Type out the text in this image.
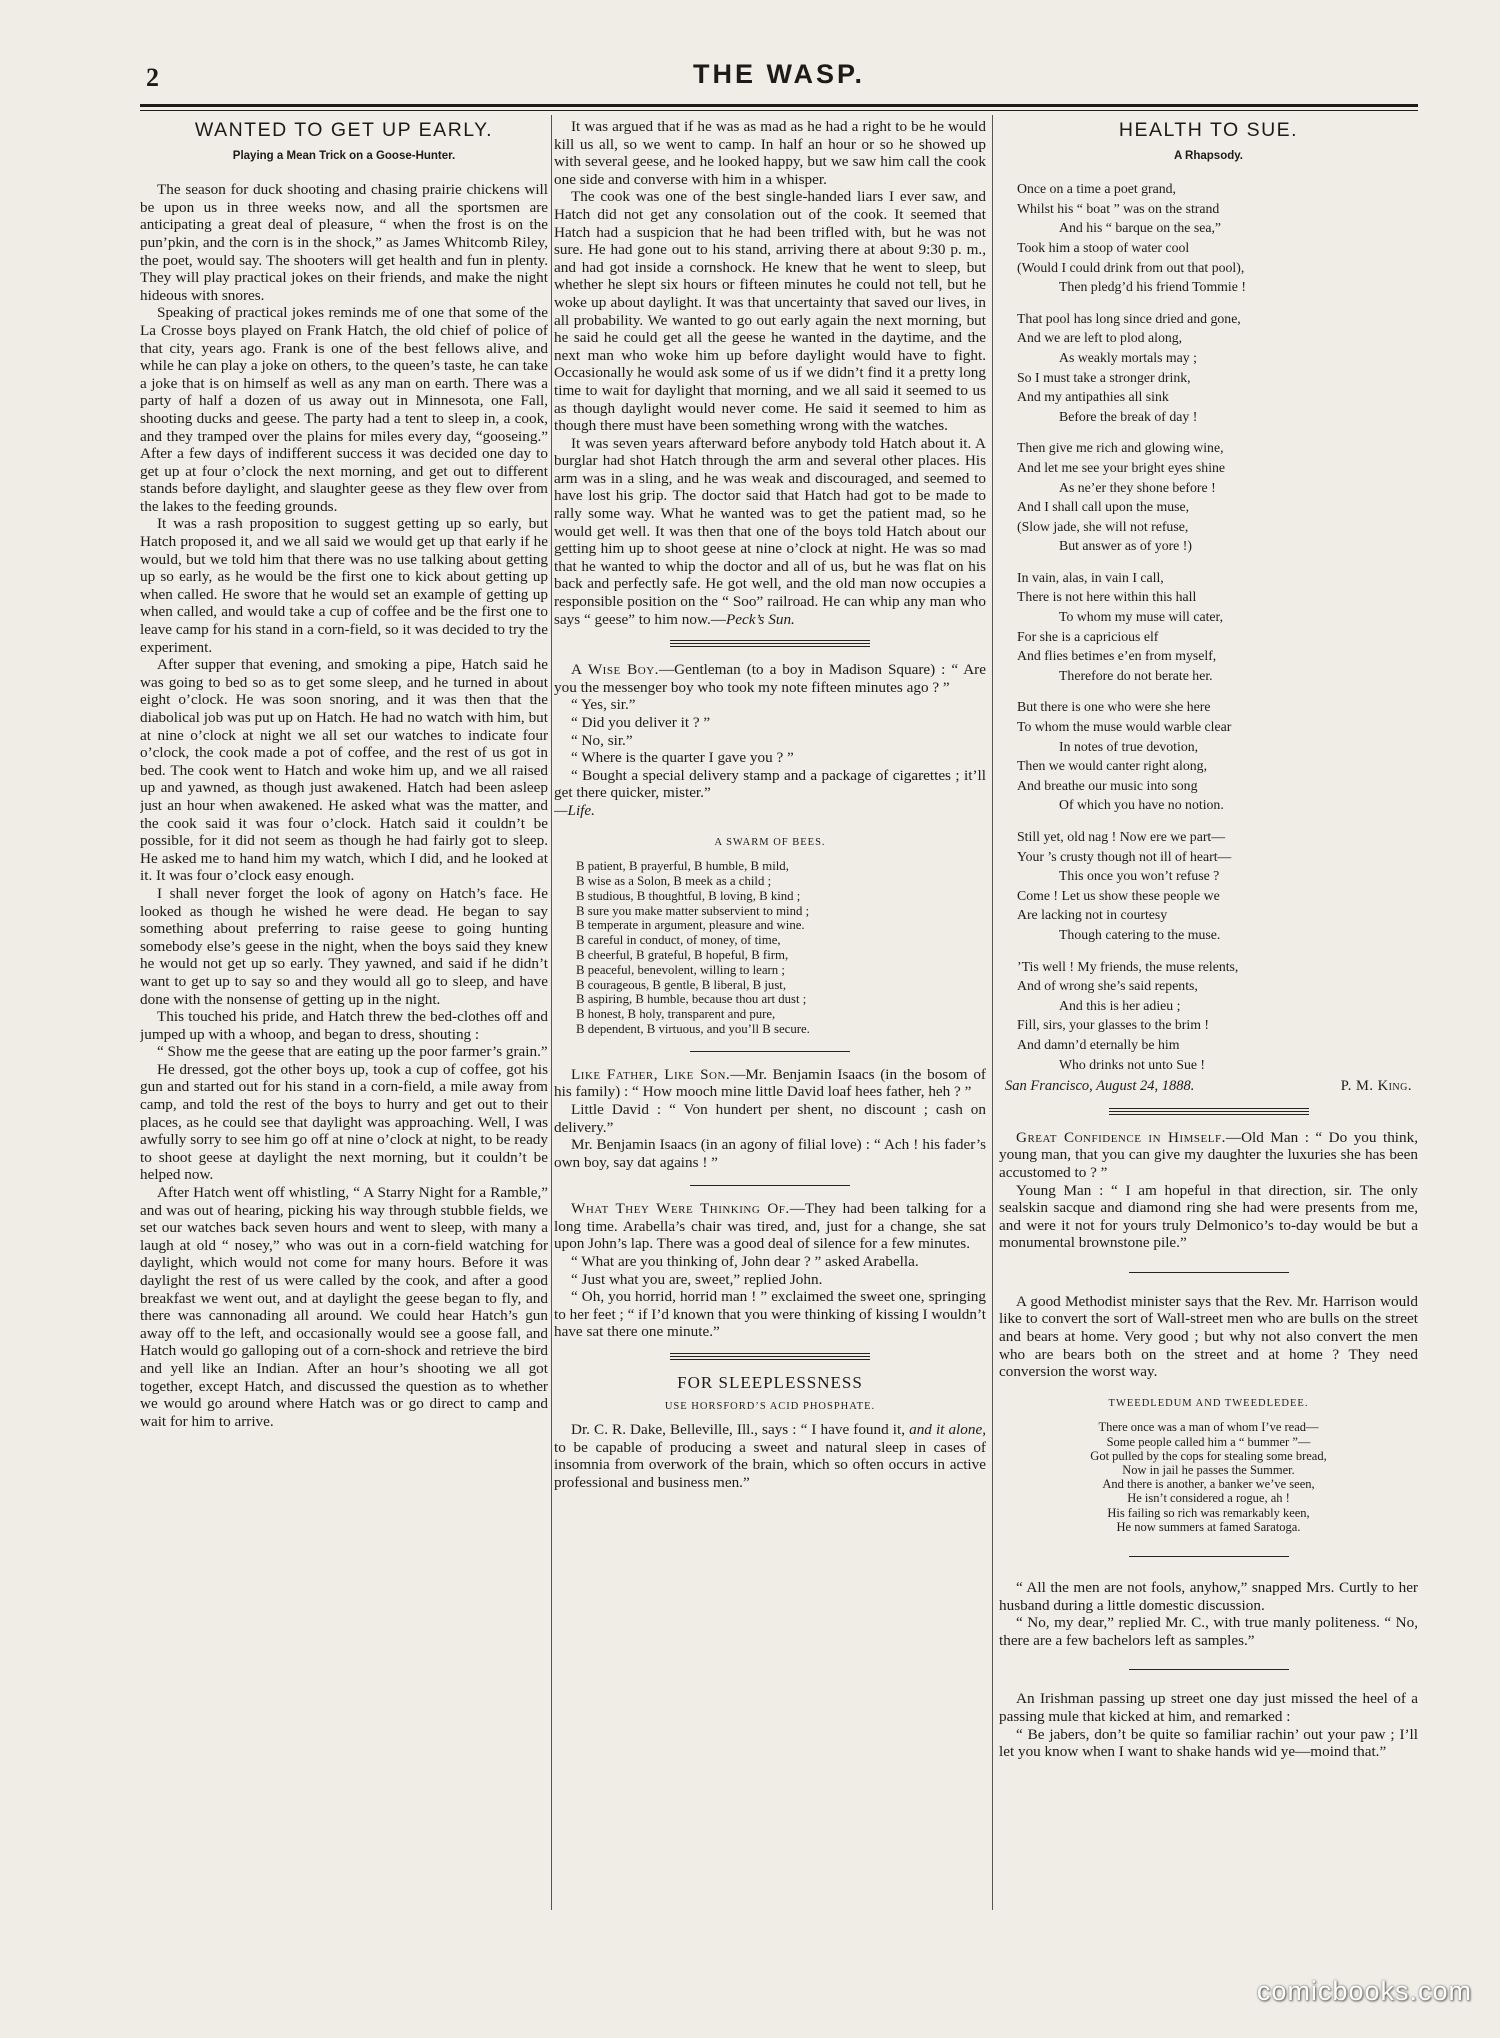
2	THE WASP.
WANTED TO GET UP EARLY.
Playing a Mean Trick on a Goose-Hunter.

The season for duck shooting and chasing prairie chickens will be upon us in three weeks now, and all the sportsmen are anticipating a great deal of pleasure, “ when the frost is on the pun’pkin, and the corn is in the shock,” as James Whitcomb Riley, the poet, would say. The shooters will get health and fun in plenty. They will play practical jokes on their friends, and make the night hideous with snores.

Speaking of practical jokes reminds me of one that some of the La Crosse boys played on Frank Hatch, the old chief of police of that city, years ago. Frank is one of the best fellows alive, and while he can play a joke on others, to the queen’s taste, he can take a joke that is on himself as well as any man on earth. There was a party of half a dozen of us away out in Minnesota, one Fall, shooting ducks and geese. The party had a tent to sleep in, a cook, and they tramped over the plains for miles every day, “gooseing.” After a few days of indifferent success it was decided one day to get up at four o’clock the next morning, and get out to different stands before daylight, and slaughter geese as they flew over from the lakes to the feeding grounds.

It was a rash proposition to suggest getting up so early, but Hatch proposed it, and we all said we would get up that early if he would, but we told him that there was no use talking about getting up so early, as he would be the first one to kick about getting up when called. He swore that he would set an example of getting up when called, and would take a cup of coffee and be the first one to leave camp for his stand in a corn-field, so it was decided to try the experiment.

After supper that evening, and smoking a pipe, Hatch said he was going to bed so as to get some sleep, and he turned in about eight o’clock. He was soon snoring, and it was then that the diabolical job was put up on Hatch. He had no watch with him, but at nine o’clock at night we all set our watches to indicate four o’clock, the cook made a pot of coffee, and the rest of us got in bed. The cook went to Hatch and woke him up, and we all raised up and yawned, as though just awakened. Hatch had been asleep just an hour when awakened. He asked what was the matter, and the cook said it was four o’clock. Hatch said it couldn’t be possible, for it did not seem as though he had fairly got to sleep. He asked me to hand him my watch, which I did, and he looked at it. It was four o’clock easy enough.

I shall never forget the look of agony on Hatch’s face. He looked as though he wished he were dead. He began to say something about preferring to raise geese to going hunting somebody else’s geese in the night, when the boys said they knew he would not get up so early. They yawned, and said if he didn’t want to get up to say so and they would all go to sleep, and have done with the nonsense of getting up in the night.

This touched his pride, and Hatch threw the bed-clothes off and jumped up with a whoop, and began to dress, shouting :

“ Show me the geese that are eating up the poor farmer’s grain.”

He dressed, got the other boys up, took a cup of coffee, got his gun and started out for his stand in a corn-field, a mile away from camp, and told the rest of the boys to hurry and get out to their places, as he could see that daylight was approaching. Well, I was awfully sorry to see him go off at nine o’clock at night, to be ready to shoot geese at daylight the next morning, but it couldn’t be helped now.

After Hatch went off whistling, “ A Starry Night for a Ramble,” and was out of hearing, picking his way through stubble fields, we set our watches back seven hours and went to sleep, with many a laugh at old “ nosey,” who was out in a corn-field watching for daylight, which would not come for many hours. Before it was daylight the rest of us were called by the cook, and after a good breakfast we went out, and at daylight the geese began to fly, and there was cannonading all around. We could hear Hatch’s gun away off to the left, and occasionally would see a goose fall, and Hatch would go galloping out of a corn-shock and retrieve the bird and yell like an Indian. After an hour’s shooting we all got together, except Hatch, and discussed the question as to whether we would go around where Hatch was or go direct to camp and wait for him to arrive.

It was argued that if he was as mad as he had a right to be he would kill us all, so we went to camp. In half an hour or so he showed up with several geese, and he looked happy, but we saw him call the cook one side and converse with him in a whisper.

The cook was one of the best single-handed liars I ever saw, and Hatch did not get any consolation out of the cook. It seemed that Hatch had a suspicion that he had been trifled with, but he was not sure. He had gone out to his stand, arriving there at about 9:30 p. m., and had got inside a cornshock. He knew that he went to sleep, but whether he slept six hours or fifteen minutes he could not tell, but he woke up about daylight. It was that uncertainty that saved our lives, in all probability. We wanted to go out early again the next morning, but he said he could get all the geese he wanted in the daytime, and the next man who woke him up before daylight would have to fight. Occasionally he would ask some of us if we didn’t find it a pretty long time to wait for daylight that morning, and we all said it seemed to us as though daylight would never come. He said it seemed to him as though there must have been something wrong with the watches.

It was seven years afterward before anybody told Hatch about it. A burglar had shot Hatch through the arm and several other places. His arm was in a sling, and he was weak and discouraged, and seemed to have lost his grip. The doctor said that Hatch had got to be made to rally some way. What he wanted was to get the patient mad, so he would get well. It was then that one of the boys told Hatch about our getting him up to shoot geese at nine o’clock at night. He was so mad that he wanted to whip the doctor and all of us, but he was flat on his back and perfectly safe. He got well, and the old man now occupies a responsible position on the “ Soo” railroad. He can whip any man who says “ geese” to him now.—Peck’s Sun.

A Wise Boy.—Gentleman (to a boy in Madison Square) : “ Are you the messenger boy who took my note fifteen minutes ago ? ”

“ Yes, sir.”

“ Did you deliver it ? ”

“ No, sir.”

“ Where is the quarter I gave you ? ”

“ Bought a special delivery stamp and a package of cigarettes ; it’ll get there quicker, mister.”

—Life.

A SWARM OF BEES.
B patient, B prayerful, B humble, B mild,
B wise as a Solon, B meek as a child ;
B studious, B thoughtful, B loving, B kind ;
B sure you make matter subservient to mind ;
B temperate in argument, pleasure and wine.
B careful in conduct, of money, of time,
B cheerful, B grateful, B hopeful, B firm,
B peaceful, benevolent, willing to learn ;
B courageous, B gentle, B liberal, B just,
B aspiring, B humble, because thou art dust ;
B honest, B holy, transparent and pure,
B dependent, B virtuous, and you’ll B secure.

Like Father, Like Son.—Mr. Benjamin Isaacs (in the bosom of his family) : “ How mooch mine little David loaf hees father, heh ? ”

Little David : “ Von hundert per shent, no discount ; cash on delivery.”

Mr. Benjamin Isaacs (in an agony of filial love) : “ Ach ! his fader’s own boy, say dat agains ! ”

What They Were Thinking Of.—They had been talking for a long time. Arabella’s chair was tired, and, just for a change, she sat upon John’s lap. There was a good deal of silence for a few minutes.

“ What are you thinking of, John dear ? ” asked Arabella.

“ Just what you are, sweet,” replied John.

“ Oh, you horrid, horrid man ! ” exclaimed the sweet one, springing to her feet ; “ if I’d known that you were thinking of kissing I wouldn’t have sat there one minute.”

FOR SLEEPLESSNESS
USE HORSFORD’S ACID PHOSPHATE.

Dr. C. R. Dake, Belleville, Ill., says : “ I have found it, and it alone, to be capable of producing a sweet and natural sleep in cases of insomnia from overwork of the brain, which so often occurs in active professional and business men.”

HEALTH TO SUE.
A Rhapsody.
Once on a time a poet grand,
Whilst his “ boat ” was on the strand
And his “ barque on the sea,”
Took him a stoop of water cool
(Would I could drink from out that pool),
Then pledg’d his friend Tommie !
That pool has long since dried and gone,
And we are left to plod along,
As weakly mortals may ;
So I must take a stronger drink,
And my antipathies all sink
Before the break of day !
Then give me rich and glowing wine,
And let me see your bright eyes shine
As ne’er they shone before !
And I shall call upon the muse,
(Slow jade, she will not refuse,
But answer as of yore !)
In vain, alas, in vain I call,
There is not here within this hall
To whom my muse will cater,
For she is a capricious elf
And flies betimes e’en from myself,
Therefore do not berate her.
But there is one who were she here
To whom the muse would warble clear
In notes of true devotion,
Then we would canter right along,
And breathe our music into song
Of which you have no notion.
Still yet, old nag ! Now ere we part—
Your ’s crusty though not ill of heart—
This once you won’t refuse ?
Come ! Let us show these people we
Are lacking not in courtesy
Though catering to the muse.
’Tis well ! My friends, the muse relents,
And of wrong she’s said repents,
And this is her adieu ;
Fill, sirs, your glasses to the brim !
And damn’d eternally be him
Who drinks not unto Sue !
San Francisco, August 24, 1888.	P. M. King.

Great Confidence in Himself.—Old Man : “ Do you think, young man, that you can give my daughter the luxuries she has been accustomed to ? ”

Young Man : “ I am hopeful in that direction, sir. The only sealskin sacque and diamond ring she had were presents from me, and were it not for yours truly Delmonico’s to-day would be but a monumental brownstone pile.”

A good Methodist minister says that the Rev. Mr. Harrison would like to convert the sort of Wall-street men who are bulls on the street and bears at home. Very good ; but why not also convert the men who are bears both on the street and at home ? They need conversion the worst way.

TWEEDLEDUM AND TWEEDLEDEE.
There once was a man of whom I’ve read—
Some people called him a “ bummer ”—
Got pulled by the cops for stealing some bread,
Now in jail he passes the Summer.
And there is another, a banker we’ve seen,
He isn’t considered a rogue, ah !
His failing so rich was remarkably keen,
He now summers at famed Saratoga.

“ All the men are not fools, anyhow,” snapped Mrs. Curtly to her husband during a little domestic discussion.

“ No, my dear,” replied Mr. C., with true manly politeness. “ No, there are a few bachelors left as samples.”

An Irishman passing up street one day just missed the heel of a passing mule that kicked at him, and remarked :

“ Be jabers, don’t be quite so familiar rachin’ out your paw ; I’ll let you know when I want to shake hands wid ye—moind that.”

comicbooks.com
